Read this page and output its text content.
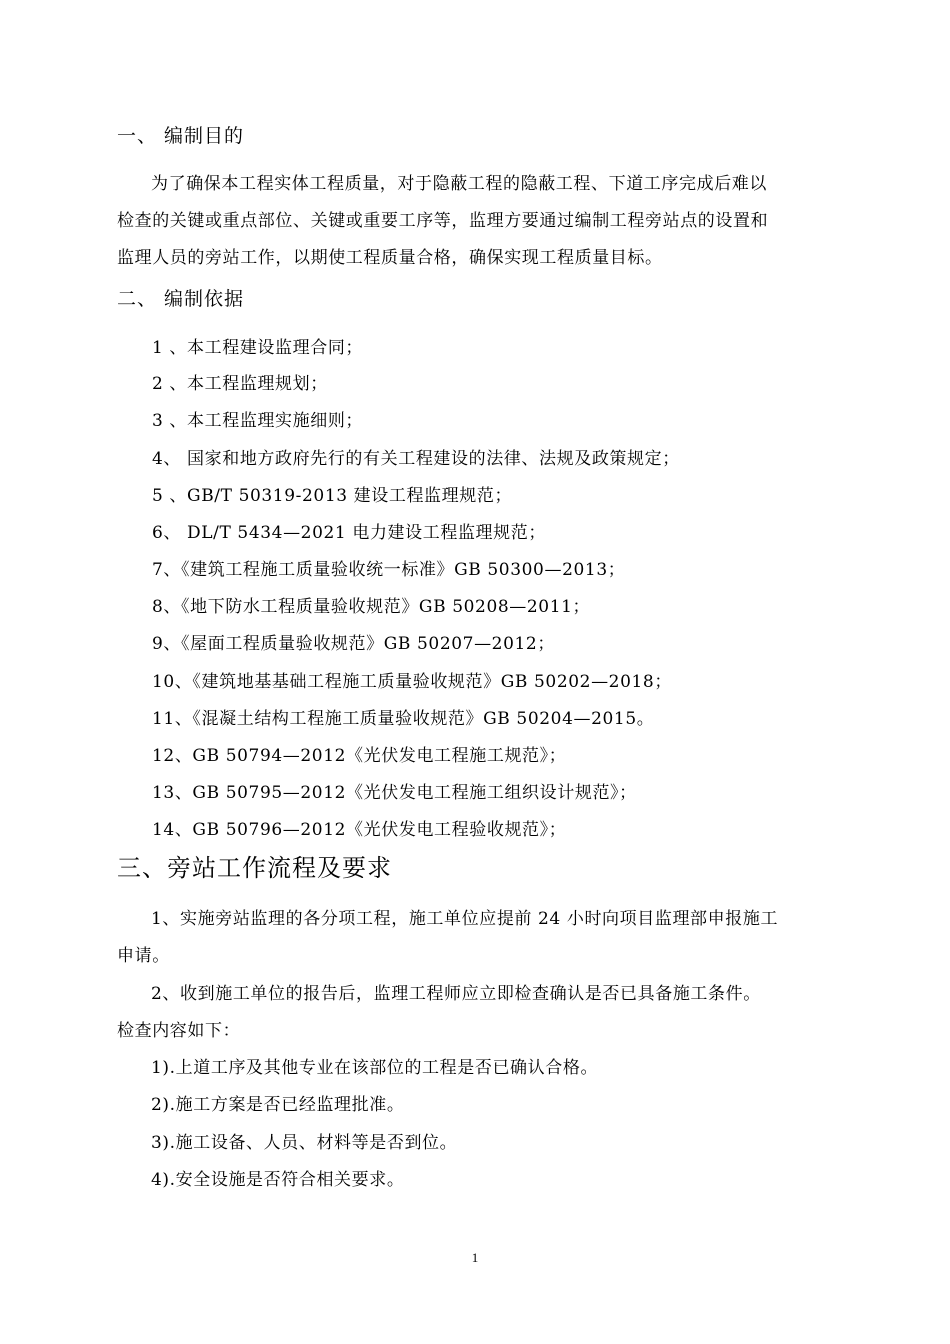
一、 编制目的
为了确保本工程实体工程质量，对于隐蔽工程的隐蔽工程、下道工序完成后难以
检查的关键或重点部位、关键或重要工序等，监理方要通过编制工程旁站点的设置和
监理人员的旁站工作，以期使工程质量合格，确保实现工程质量目标。
二、 编制依据
1 、本工程建设监理合同；
2 、本工程监理规划；
3 、本工程监理实施细则；
4、 国家和地方政府先行的有关工程建设的法律、法规及政策规定；
5 、GB/T 50319-2013 建设工程监理规范；
6、 DL/T 5434—2021 电力建设工程监理规范；
7、《建筑工程施工质量验收统一标准》GB 50300—2013；
8、《地下防水工程质量验收规范》GB 50208—2011；
9、《屋面工程质量验收规范》GB 50207—2012；
10、《建筑地基基础工程施工质量验收规范》GB 50202—2018；
11、《混凝土结构工程施工质量验收规范》GB 50204—2015。
12、GB 50794—2012《光伏发电工程施工规范》；
13、GB 50795—2012《光伏发电工程施工组织设计规范》；
14、GB 50796—2012《光伏发电工程验收规范》；
三、旁站工作流程及要求
1、实施旁站监理的各分项工程，施工单位应提前 24 小时向项目监理部申报施工
申请。
2、收到施工单位的报告后，监理工程师应立即检查确认是否已具备施工条件。
检查内容如下：
1).上道工序及其他专业在该部位的工程是否已确认合格。
2).施工方案是否已经监理批准。
3).施工设备、人员、材料等是否到位。
4).安全设施是否符合相关要求。
1
